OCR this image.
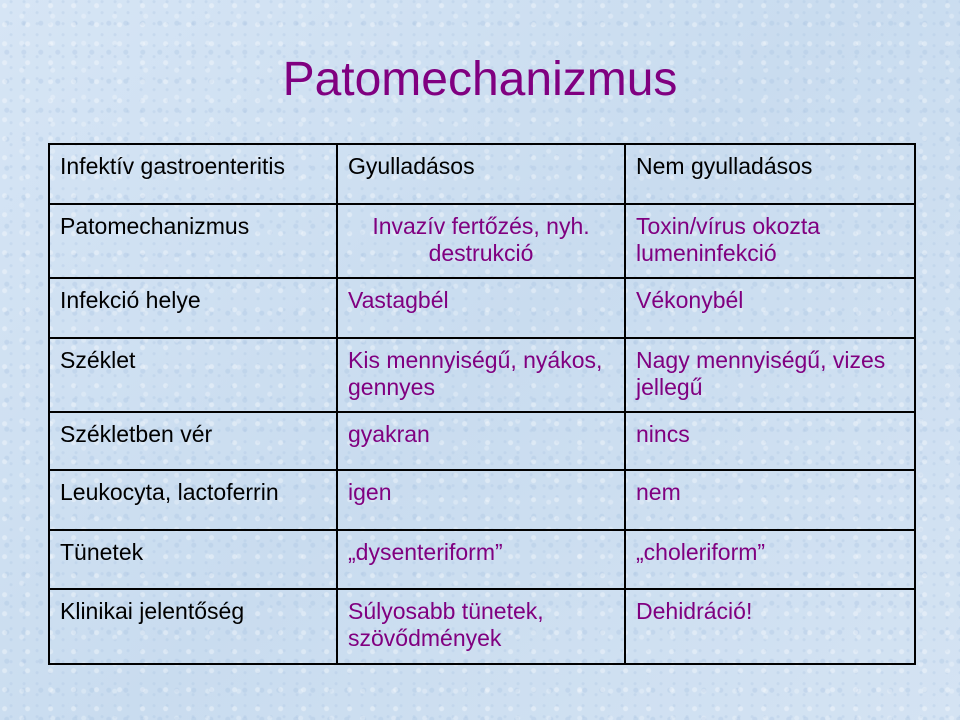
Patomechanizmus
Infektív gastroenteritis	Gyulladásos	Nem gyulladásos
Patomechanizmus	Invazív fertőzés, nyh. destrukció	Toxin/vírus okozta lumeninfekció
Infekció helye	Vastagbél	Vékonybél
Széklet	Kis mennyiségű, nyákos, gennyes	Nagy mennyiségű, vizes jellegű
Székletben vér	gyakran	nincs
Leukocyta, lactoferrin	igen	nem
Tünetek	„dysenteriform”	„choleriform”
Klinikai jelentőség	Súlyosabb tünetek, szövődmények	Dehidráció!
